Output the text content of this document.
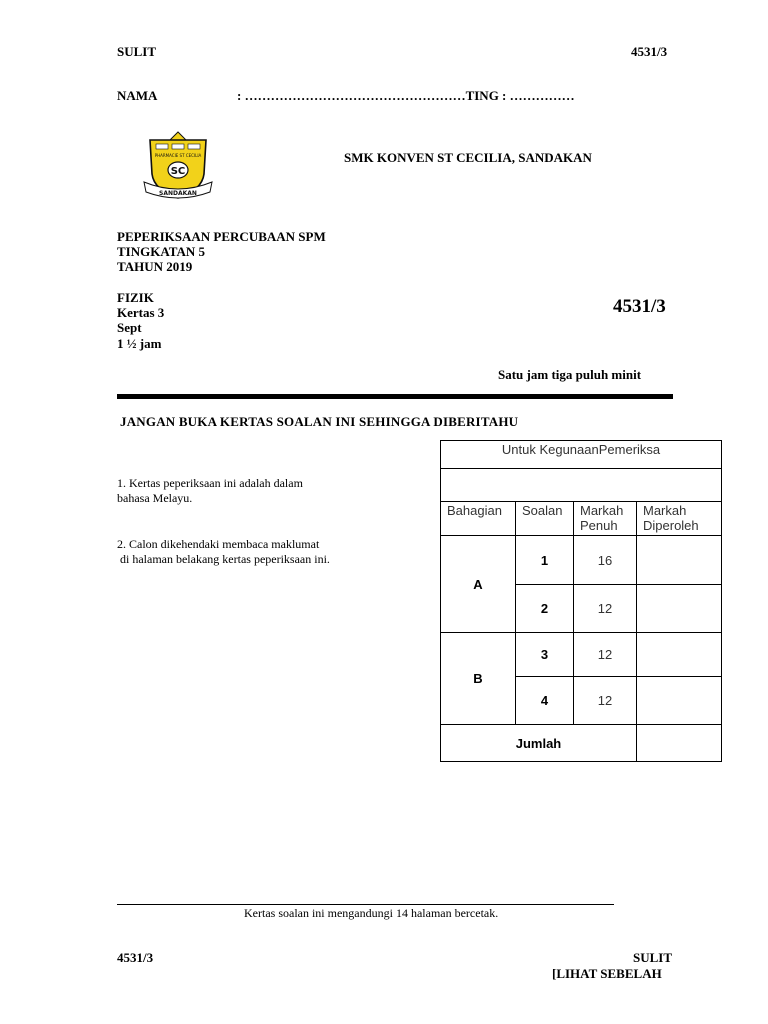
SULIT	4531/3
NAMA	: ……………………………………………TING : ……………
PHARMACIE ST CECILIA
SC
SANDAKAN
SMK KONVEN ST CECILIA, SANDAKAN
PEPERIKSAAN PERCUBAAN SPM
TINGKATAN 5
TAHUN 2019
FIZIK
Kertas 3
Sept
1 ½ jam
4531/3
Satu jam tiga puluh minit
JANGAN BUKA KERTAS SOALAN INI SEHINGGA DIBERITAHU
1. Kertas peperiksaan ini adalah dalam
bahasa Melayu.
2. Calon dikehendaki membaca maklumat
di halaman belakang kertas peperiksaan ini.
Untuk KegunaanPemeriksa			

Bahagian	Soalan	Markah Penuh	Markah Diperoleh
A	1	16	
	2	12	
B	3	12	
	4	12	
Jumlah			
Kertas soalan ini mengandungi 14 halaman bercetak.
4531/3	SULIT
[LIHAT SEBELAH
